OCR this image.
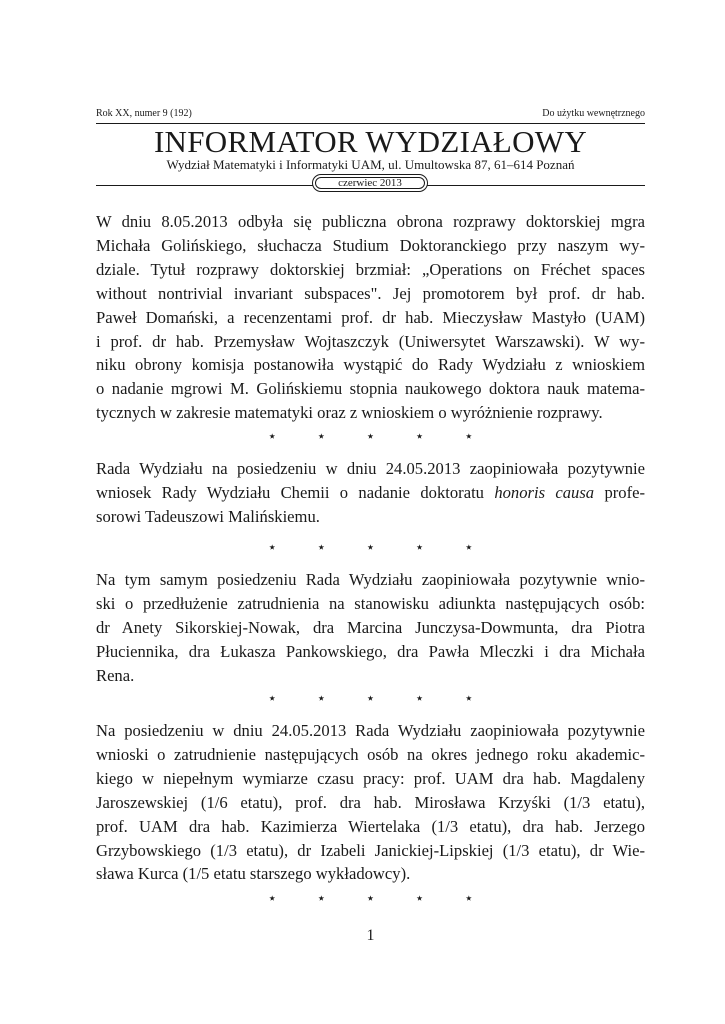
Rok XX, numer 9 (192)	Do użytku wewnętrznego
INFORMATOR WYDZIAŁOWY
Wydział Matematyki i Informatyki UAM, ul. Umultowska 87, 61–614 Poznań
czerwiec 2013
W dniu 8.05.2013 odbyła się publiczna obrona rozprawy doktorskiej mgra
Michała Golińskiego, słuchacza Studium Doktoranckiego przy naszym wy-
dziale. Tytuł rozprawy doktorskiej brzmiał: „Operations on Fréchet spaces
without nontrivial invariant subspaces". Jej promotorem był prof. dr hab.
Paweł Domański, a recenzentami prof. dr hab. Mieczysław Mastyło (UAM)
i prof. dr hab. Przemysław Wojtaszczyk (Uniwersytet Warszawski). W wy-
niku obrony komisja postanowiła wystąpić do Rady Wydziału z wnioskiem
o nadanie mgrowi M. Golińskiemu stopnia naukowego doktora nauk matema-
tycznych w zakresie matematyki oraz z wnioskiem o wyróżnienie rozprawy.
⋆ ⋆ ⋆ ⋆ ⋆
Rada Wydziału na posiedzeniu w dniu 24.05.2013 zaopiniowała pozytywnie
wniosek Rady Wydziału Chemii o nadanie doktoratu honoris causa profe-
sorowi Tadeuszowi Malińskiemu.
⋆ ⋆ ⋆ ⋆ ⋆
Na tym samym posiedzeniu Rada Wydziału zaopiniowała pozytywnie wnio-
ski o przedłużenie zatrudnienia na stanowisku adiunkta następujących osób:
dr Anety Sikorskiej-Nowak, dra Marcina Junczysa-Dowmunta, dra Piotra
Płuciennika, dra Łukasza Pankowskiego, dra Pawła Mleczki i dra Michała
Rena.
⋆ ⋆ ⋆ ⋆ ⋆
Na posiedzeniu w dniu 24.05.2013 Rada Wydziału zaopiniowała pozytywnie
wnioski o zatrudnienie następujących osób na okres jednego roku akademic-
kiego w niepełnym wymiarze czasu pracy: prof. UAM dra hab. Magdaleny
Jaroszewskiej (1/6 etatu), prof. dra hab. Mirosława Krzyśki (1/3 etatu),
prof. UAM dra hab. Kazimierza Wiertelaka (1/3 etatu), dra hab. Jerzego
Grzybowskiego (1/3 etatu), dr Izabeli Janickiej-Lipskiej (1/3 etatu), dr Wie-
sława Kurca (1/5 etatu starszego wykładowcy).
⋆ ⋆ ⋆ ⋆ ⋆
1
